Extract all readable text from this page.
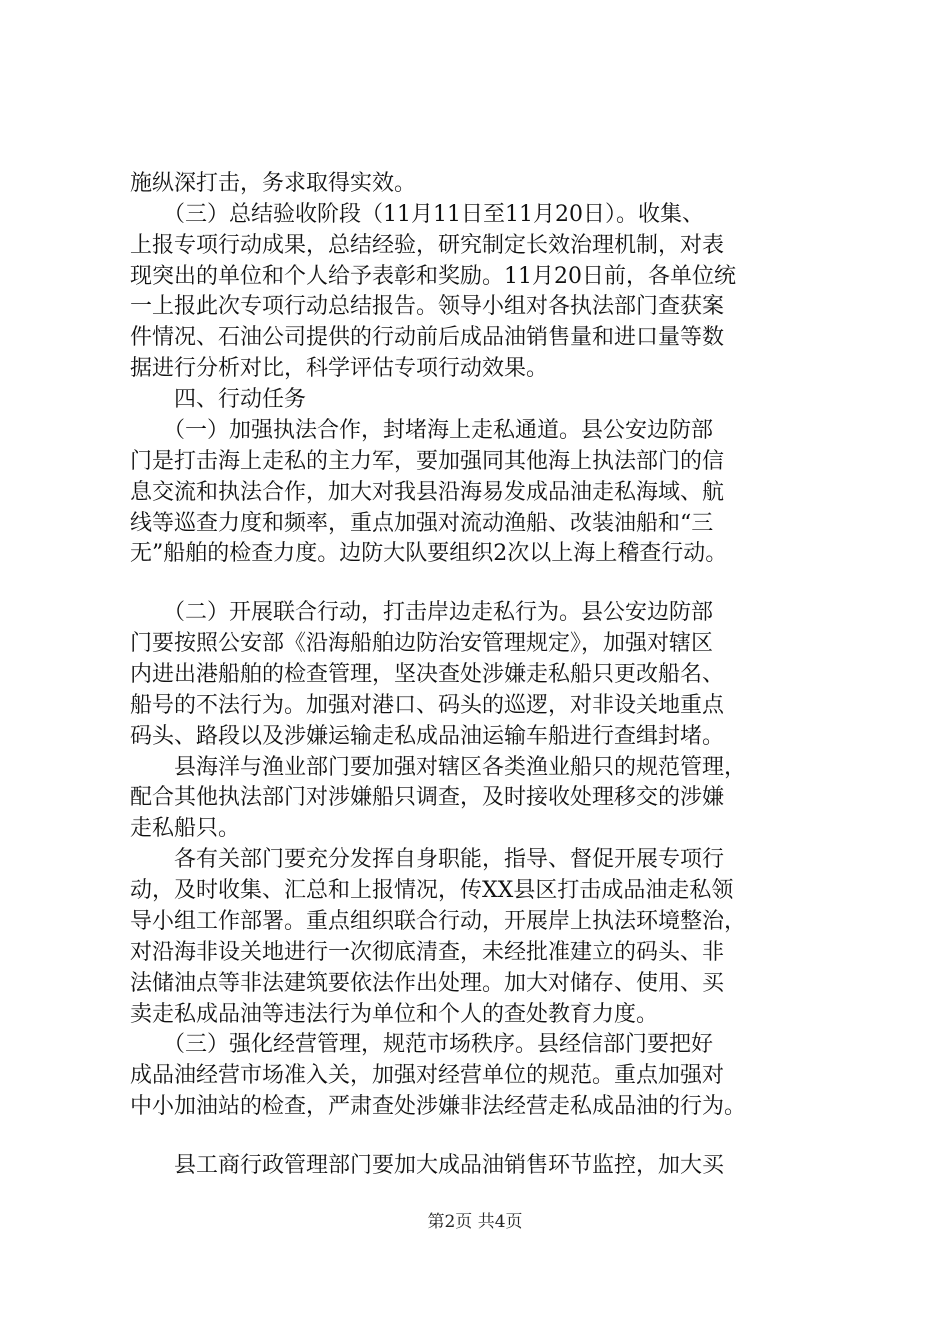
施纵深打击，务求取得实效。
　　（三）总结验收阶段（11月11日至11月20日）。收集、
上报专项行动成果，总结经验，研究制定长效治理机制，对表
现突出的单位和个人给予表彰和奖励。11月20日前，各单位统
一上报此次专项行动总结报告。领导小组对各执法部门查获案
件情况、石油公司提供的行动前后成品油销售量和进口量等数
据进行分析对比，科学评估专项行动效果。
　　四、行动任务
　　（一）加强执法合作，封堵海上走私通道。县公安边防部
门是打击海上走私的主力军，要加强同其他海上执法部门的信
息交流和执法合作，加大对我县沿海易发成品油走私海域、航
线等巡查力度和频率，重点加强对流动渔船、改装油船和“三
无”船舶的检查力度。边防大队要组织2次以上海上稽查行动。
　　（二）开展联合行动，打击岸边走私行为。县公安边防部
门要按照公安部《沿海船舶边防治安管理规定》，加强对辖区
内进出港船舶的检查管理，坚决查处涉嫌走私船只更改船名、
船号的不法行为。加强对港口、码头的巡逻，对非设关地重点
码头、路段以及涉嫌运输走私成品油运输车船进行查缉封堵。
　　县海洋与渔业部门要加强对辖区各类渔业船只的规范管理，
配合其他执法部门对涉嫌船只调查，及时接收处理移交的涉嫌
走私船只。
　　各有关部门要充分发挥自身职能，指导、督促开展专项行
动，及时收集、汇总和上报情况，传XX县区打击成品油走私领
导小组工作部署。重点组织联合行动，开展岸上执法环境整治，
对沿海非设关地进行一次彻底清查，未经批准建立的码头、非
法储油点等非法建筑要依法作出处理。加大对储存、使用、买
卖走私成品油等违法行为单位和个人的查处教育力度。
　　（三）强化经营管理，规范市场秩序。县经信部门要把好
成品油经营市场准入关，加强对经营单位的规范。重点加强对
中小加油站的检查，严肃查处涉嫌非法经营走私成品油的行为。
　　县工商行政管理部门要加大成品油销售环节监控，加大买
第2页 共4页
